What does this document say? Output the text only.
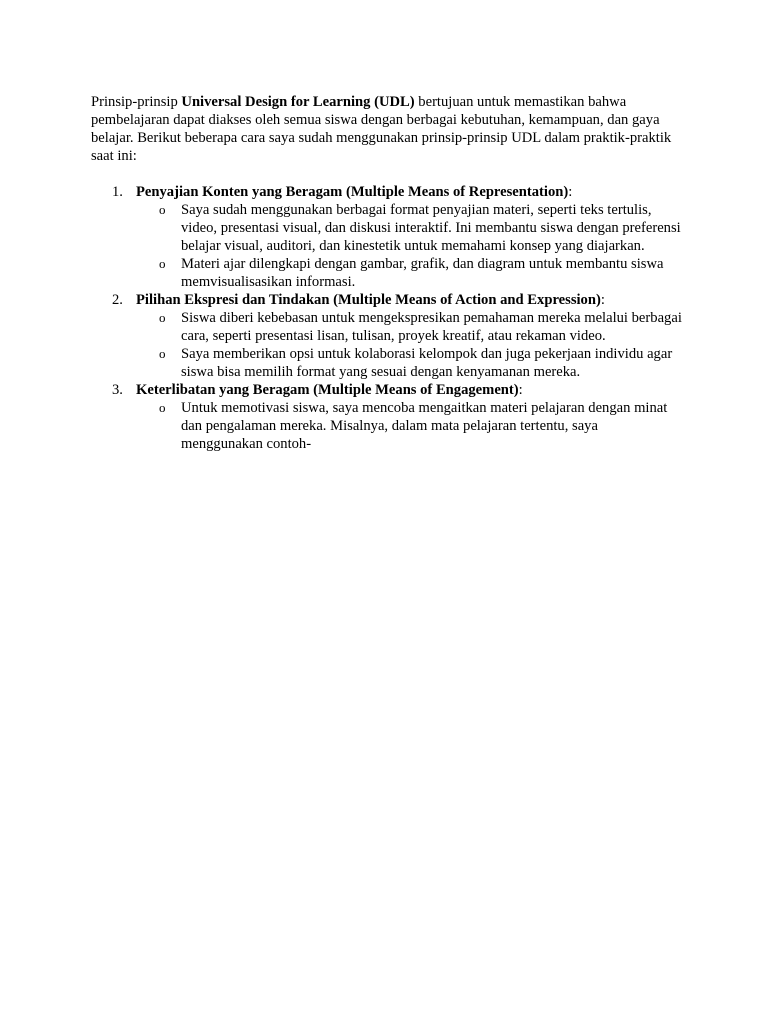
Prinsip-prinsip Universal Design for Learning (UDL) bertujuan untuk memastikan bahwa pembelajaran dapat diakses oleh semua siswa dengan berbagai kebutuhan, kemampuan, dan gaya belajar. Berikut beberapa cara saya sudah menggunakan prinsip-prinsip UDL dalam praktik-praktik saat ini:

1. Penyajian Konten yang Beragam (Multiple Means of Representation):
o Saya sudah menggunakan berbagai format penyajian materi, seperti teks tertulis, video, presentasi visual, dan diskusi interaktif. Ini membantu siswa dengan preferensi belajar visual, auditori, dan kinestetik untuk memahami konsep yang diajarkan.
o Materi ajar dilengkapi dengan gambar, grafik, dan diagram untuk membantu siswa memvisualisasikan informasi.
2. Pilihan Ekspresi dan Tindakan (Multiple Means of Action and Expression):
o Siswa diberi kebebasan untuk mengekspresikan pemahaman mereka melalui berbagai cara, seperti presentasi lisan, tulisan, proyek kreatif, atau rekaman video.
o Saya memberikan opsi untuk kolaborasi kelompok dan juga pekerjaan individu agar siswa bisa memilih format yang sesuai dengan kenyamanan mereka.
3. Keterlibatan yang Beragam (Multiple Means of Engagement):
o Untuk memotivasi siswa, saya mencoba mengaitkan materi pelajaran dengan minat dan pengalaman mereka. Misalnya, dalam mata pelajaran tertentu, saya menggunakan contoh-
